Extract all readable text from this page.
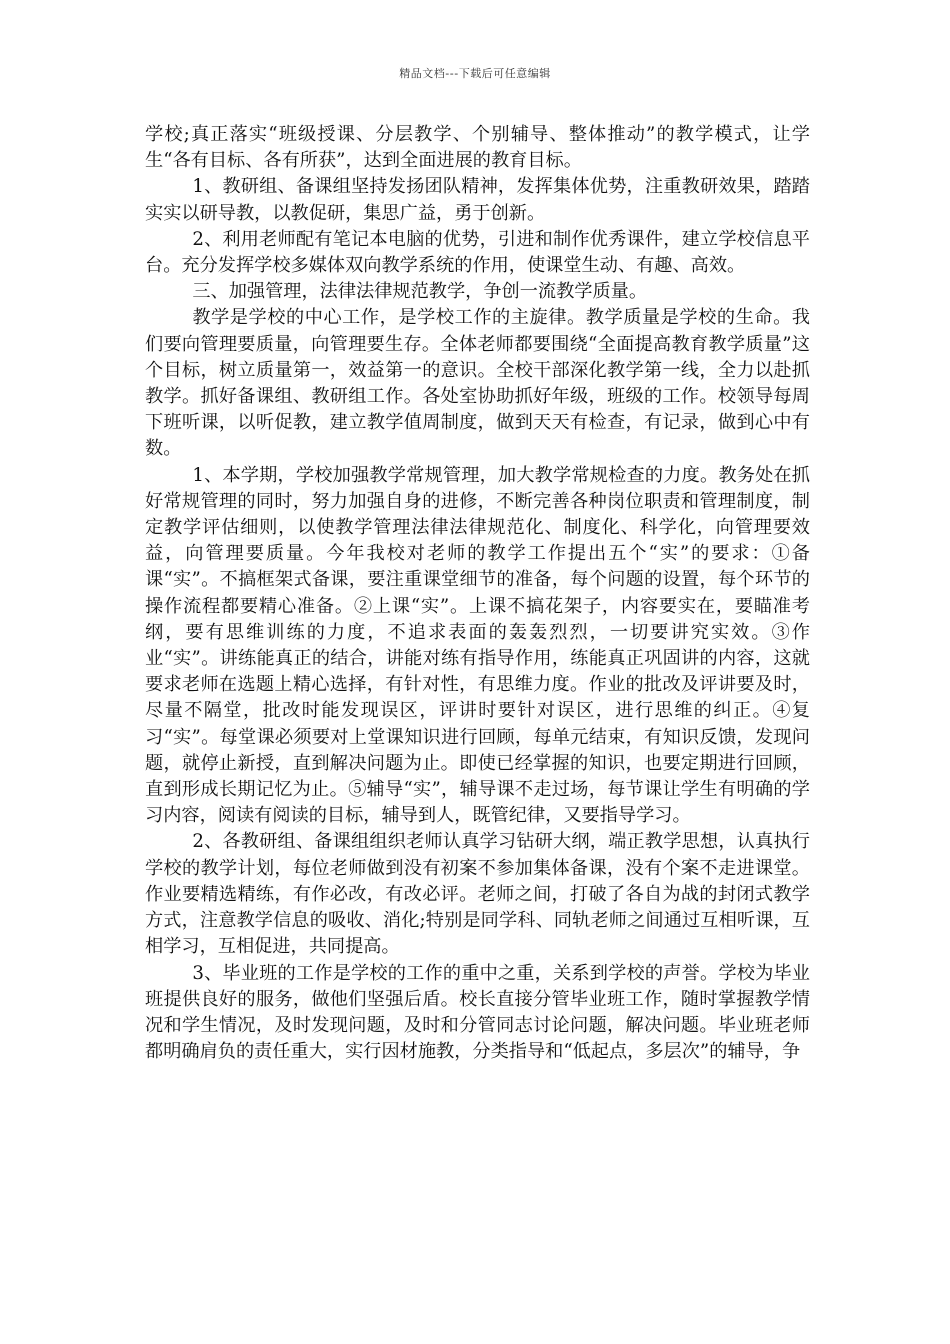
精品文档---下载后可任意编辑

学校;真正落实“班级授课、分层教学、个别辅导、整体推动”的教学模式，让学生“各有目标、各有所获”，达到全面进展的教育目标。

1、教研组、备课组坚持发扬团队精神，发挥集体优势，注重教研效果，踏踏实实以研导教，以教促研，集思广益，勇于创新。

2、利用老师配有笔记本电脑的优势，引进和制作优秀课件，建立学校信息平台。充分发挥学校多媒体双向教学系统的作用，使课堂生动、有趣、高效。

三、加强管理，法律法律规范教学，争创一流教学质量。

教学是学校的中心工作，是学校工作的主旋律。教学质量是学校的生命。我们要向管理要质量，向管理要生存。全体老师都要围绕“全面提高教育教学质量”这个目标，树立质量第一，效益第一的意识。全校干部深化教学第一线，全力以赴抓教学。抓好备课组、教研组工作。各处室协助抓好年级，班级的工作。校领导每周下班听课，以听促教，建立教学值周制度，做到天天有检查，有记录，做到心中有数。

1、本学期，学校加强教学常规管理，加大教学常规检查的力度。教务处在抓好常规管理的同时，努力加强自身的进修，不断完善各种岗位职责和管理制度，制定教学评估细则，以使教学管理法律法律规范化、制度化、科学化，向管理要效益，向管理要质量。今年我校对老师的教学工作提出五个“实”的要求：①备课“实”。不搞框架式备课，要注重课堂细节的准备，每个问题的设置，每个环节的操作流程都要精心准备。②上课“实”。上课不搞花架子，内容要实在，要瞄准考纲，要有思维训练的力度，不追求表面的轰轰烈烈，一切要讲究实效。③作业“实”。讲练能真正的结合，讲能对练有指导作用，练能真正巩固讲的内容，这就要求老师在选题上精心选择，有针对性，有思维力度。作业的批改及评讲要及时，尽量不隔堂，批改时能发现误区，评讲时要针对误区，进行思维的纠正。④复习“实”。每堂课必须要对上堂课知识进行回顾，每单元结束，有知识反馈，发现问题，就停止新授，直到解决问题为止。即使已经掌握的知识，也要定期进行回顾，直到形成长期记忆为止。⑤辅导“实”，辅导课不走过场，每节课让学生有明确的学习内容，阅读有阅读的目标，辅导到人，既管纪律，又要指导学习。

2、各教研组、备课组组织老师认真学习钻研大纲，端正教学思想，认真执行学校的教学计划，每位老师做到没有初案不参加集体备课，没有个案不走进课堂。作业要精选精练，有作必改，有改必评。老师之间，打破了各自为战的封闭式教学方式，注意教学信息的吸收、消化;特别是同学科、同轨老师之间通过互相听课，互相学习，互相促进，共同提高。

3、毕业班的工作是学校的工作的重中之重，关系到学校的声誉。学校为毕业班提供良好的服务，做他们坚强后盾。校长直接分管毕业班工作，随时掌握教学情况和学生情况，及时发现问题，及时和分管同志讨论问题，解决问题。毕业班老师都明确肩负的责任重大，实行因材施教，分类指导和“低起点，多层次”的辅导，争
